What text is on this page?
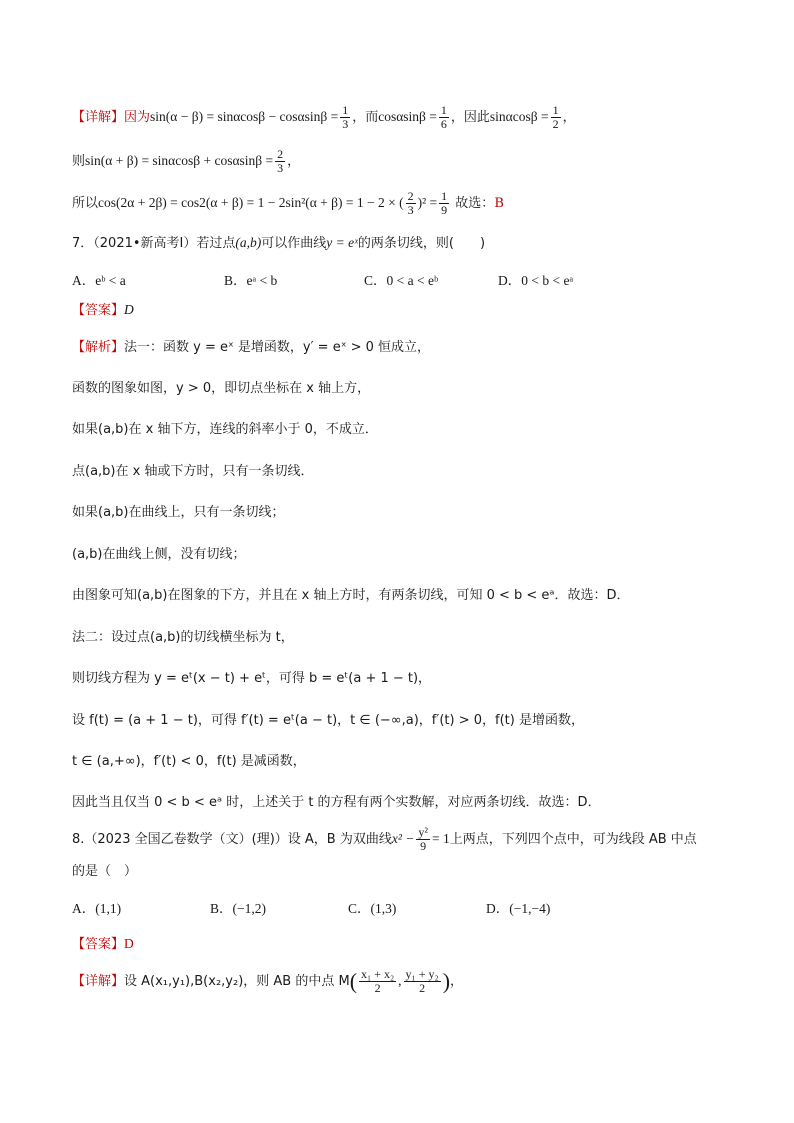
【详解】因为$\sin(\alpha - \beta) = \sin\alpha\cos\beta - \cos\alpha\sin\beta = \frac{1}{3}$ ，而$\cos\alpha\sin\beta = \frac{1}{6}$ ，因此$\sin\alpha\cos\beta = \frac{1}{2}$ ，
则$\sin(\alpha + \beta) = \sin\alpha\cos\beta + \cos\alpha\sin\beta = \frac{2}{3}$ ，
所以cos(2α + 2β) = cos2(α + β) = 1 − 2sin²(α + β) = 1 − 2 × ( $\frac{2}{3} )^2 = \frac{1}{9}$ 故选：B
7．（2021•新高考Ⅰ）若过点(a,b)可以作曲线y = eˣ的两条切线，则(　　)
A．eᵇ < a	B．eᵃ < b	C．0 < a < eᵇ	D．0 < b < eᵃ
【答案】D
【解析】法一：函数 y = eˣ 是增函数，y′ = eˣ > 0 恒成立，
函数的图象如图，y > 0，即切点坐标在 x 轴上方，
如果(a,b)在 x 轴下方，连线的斜率小于 0，不成立．
点(a,b)在 x 轴或下方时，只有一条切线．
如果(a,b)在曲线上，只有一条切线；
(a,b)在曲线上侧，没有切线；
由图象可知(a,b)在图象的下方，并且在 x 轴上方时，有两条切线，可知 0 < b < eᵃ．故选：D．
法二：设过点(a,b)的切线横坐标为 t，
则切线方程为 y = eᵗ(x − t) + eᵗ，可得 b = eᵗ(a + 1 − t)，
设 f(t) = (a + 1 − t)，可得 f′(t) = eᵗ(a − t)，t ∈ (−∞,a)，f′(t) > 0，f(t) 是增函数，
t ∈ (a,+∞)，f′(t) < 0，f(t) 是减函数，
因此当且仅当 0 < b < eᵃ 时，上述关于 t 的方程有两个实数解，对应两条切线．故选：D．
8.（2023 全国乙卷数学（文）(理)）设 A，B 为双曲线$x^2 - \frac{\text{y²}}{9} = 1$上两点，下列四个点中，可为线段 AB 中点
的是（　）
A．(1,1)	B．(−1,2)	C．(1,3)	D．(−1,−4)
【答案】D
【详解】设 A(x₁,y₁),B(x₂,y₂)，则 AB 的中点 $M( \frac{\text{x₁ + x₂}}{2}$ , $\frac{\text{y₁ + y₂}}{2}$ )，
